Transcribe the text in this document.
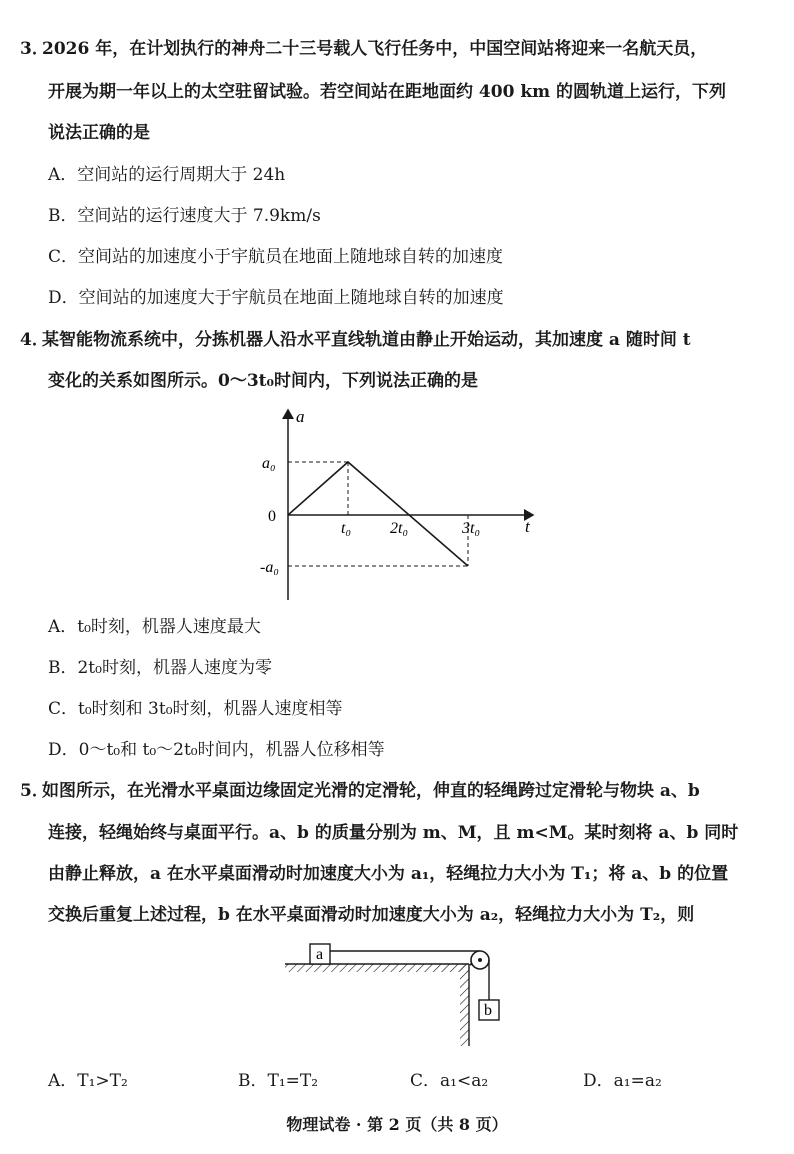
3．2026 年，在计划执行的神舟二十三号载人飞行任务中，中国空间站将迎来一名航天员，
开展为期一年以上的太空驻留试验。若空间站在距地面约 400 km 的圆轨道上运行，下列
说法正确的是
A．空间站的运行周期大于 24h
B．空间站的运行速度大于 7.9km/s
C．空间站的加速度小于宇航员在地面上随地球自转的加速度
D．空间站的加速度大于宇航员在地面上随地球自转的加速度
4．某智能物流系统中，分拣机器人沿水平直线轨道由静止开始运动，其加速度 a 随时间 t
变化的关系如图所示。0～3t₀时间内，下列说法正确的是
a
t
a₀
0
-a₀
t₀ 2t₀	3t₀
A．t₀时刻，机器人速度最大
B．2t₀时刻，机器人速度为零
C．t₀时刻和 3t₀时刻，机器人速度相等
D．0～t₀和 t₀～2t₀时间内，机器人位移相等
5．如图所示，在光滑水平桌面边缘固定光滑的定滑轮，伸直的轻绳跨过定滑轮与物块 a、b
连接，轻绳始终与桌面平行。a、b 的质量分别为 m、M，且 m<M。某时刻将 a、b 同时
由静止释放，a 在水平桌面滑动时加速度大小为 a₁，轻绳拉力大小为 T₁；将 a、b 的位置
交换后重复上述过程，b 在水平桌面滑动时加速度大小为 a₂，轻绳拉力大小为 T₂，则
a
b
A．T₁>T₂	B．T₁=T₂	C．a₁<a₂	D．a₁=a₂
物理试卷 · 第 2 页（共 8 页）
